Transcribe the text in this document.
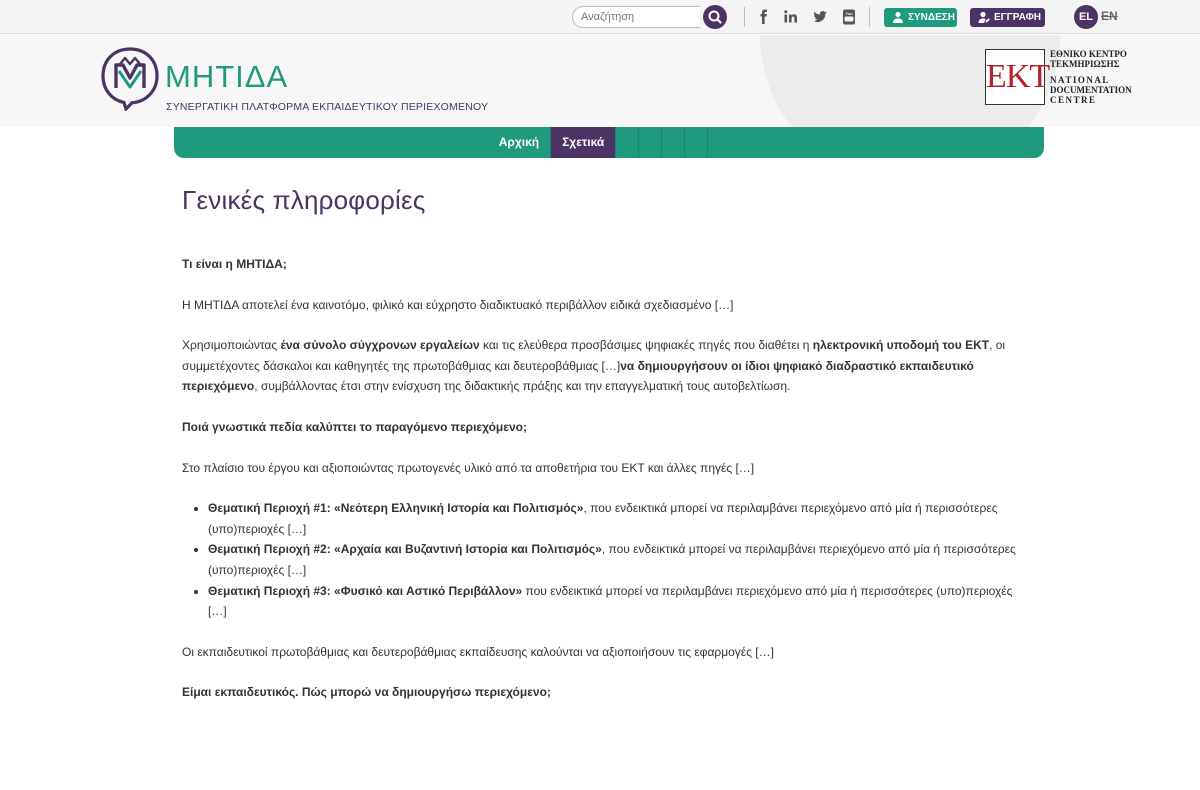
Αναζήτηση
You	ΣΥΝΔΕΣΗ	ΕΓΓΡΑΦΗ	EL EN
ΜΗΤΙΔΑ
ΣΥΝΕΡΓΑΤΙΚΗ ΠΛΑΤΦΟΡΜΑ ΕΚΠΑΙΔΕΥΤΙΚΟΥ ΠΕΡΙΕΧΟΜΕΝΟΥ
EKT
ΕΘΝΙΚΟ ΚΕΝΤΡΟ
ΤΕΚΜΗΡΙΩΣΗΣ
NATIONAL
DOCUMENTATION
CENTRE
Αρχική	Σχετικά
Γενικές πληροφορίες

Τι είναι η ΜΗΤΙΔΑ;

Η ΜΗΤΙΔΑ αποτελεί ένα καινοτόμο, φιλικό και εύχρηστο διαδικτυακό περιβάλλον ειδικά σχεδιασμένο […]

Χρησιμοποιώντας ένα σύνολο σύγχρονων εργαλείων και τις ελεύθερα προσβάσιμες ψηφιακές πηγές που διαθέτει η ηλεκτρονική υποδομή του ΕΚΤ, οι συμμετέχοντες δάσκαλοι και καθηγητές της πρωτοβάθμιας και δευτεροβάθμιας […]να δημιουργήσουν οι ίδιοι ψηφιακό διαδραστικό εκπαιδευτικό περιεχόμενο, συμβάλλοντας έτσι στην ενίσχυση της διδακτικής πράξης και την επαγγελματική τους αυτοβελτίωση.

Ποιά γνωστικά πεδία καλύπτει το παραγόμενο περιεχόμενο;

Στο πλαίσιο του έργου και αξιοποιώντας πρωτογενές υλικό από τα αποθετήρια του ΕΚΤ και άλλες πηγές […]

• Θεματική Περιοχή #1: «Νεότερη Ελληνική Ιστορία και Πολιτισμός», που ενδεικτικά μπορεί να περιλαμβάνει περιεχόμενο από μία ή περισσότερες (υπο)περιοχές […]
• Θεματική Περιοχή #2: «Αρχαία και Βυζαντινή Ιστορία και Πολιτισμός», που ενδεικτικά μπορεί να περιλαμβάνει περιεχόμενο από μία ή περισσότερες (υπο)περιοχές […]
• Θεματική Περιοχή #3: «Φυσικό και Αστικό Περιβάλλον» που ενδεικτικά μπορεί να περιλαμβάνει περιεχόμενο από μία ή περισσότερες (υπο)περιοχές […]

Οι εκπαιδευτικοί πρωτοβάθμιας και δευτεροβάθμιας εκπαίδευσης καλούνται να αξιοποιήσουν τις εφαρμογές […]

Είμαι εκπαιδευτικός. Πώς μπορώ να δημιουργήσω περιεχόμενο;
